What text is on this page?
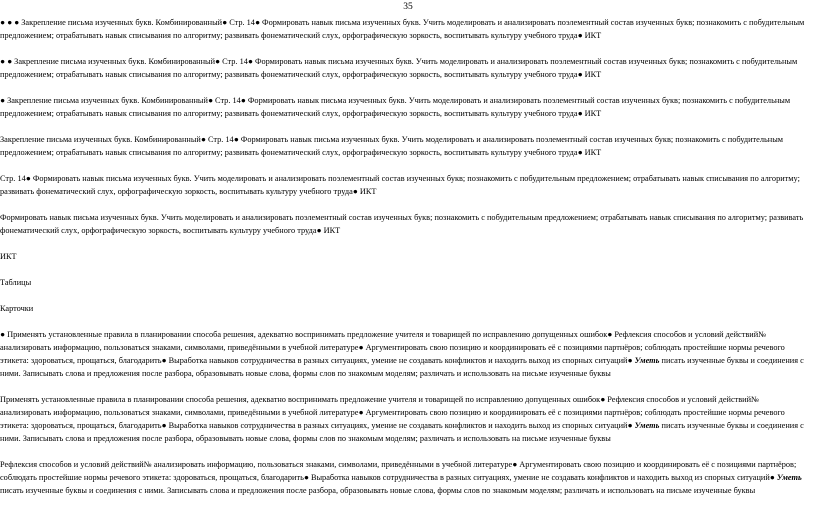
35

● ● ● Закрепление письма изученных букв. Комбинированный● Стр. 14● Формировать навык письма изученных букв. Учить моделировать и анализировать поэлементный состав изученных букв; познакомить с побудительным предложением; отрабатывать навык списывания по алгоритму; развивать фонематический слух, орфографическую зоркость, воспитывать культуру учебного труда● ИКТ

● ● Закрепление письма изученных букв. Комбинированный● Стр. 14● Формировать навык письма изученных букв. Учить моделировать и анализировать поэлементный состав изученных букв; познакомить с побудительным предложением; отрабатывать навык списывания по алгоритму; развивать фонематический слух, орфографическую зоркость, воспитывать культуру учебного труда● ИКТ

● Закрепление письма изученных букв. Комбинированный● Стр. 14● Формировать навык письма изученных букв. Учить моделировать и анализировать поэлементный состав изученных букв; познакомить с побудительным предложением; отрабатывать навык списывания по алгоритму; развивать фонематический слух, орфографическую зоркость, воспитывать культуру учебного труда● ИКТ

Закрепление письма изученных букв. Комбинированный● Стр. 14● Формировать навык письма изученных букв. Учить моделировать и анализировать поэлементный состав изученных букв; познакомить с побудительным предложением; отрабатывать навык списывания по алгоритму; развивать фонематический слух, орфографическую зоркость, воспитывать культуру учебного труда● ИКТ

Стр. 14● Формировать навык письма изученных букв. Учить моделировать и анализировать поэлементный состав изученных букв; познакомить с побудительным предложением; отрабатывать навык списывания по алгоритму; развивать фонематический слух, орфографическую зоркость, воспитывать культуру учебного труда● ИКТ

Формировать навык письма изученных букв. Учить моделировать и анализировать поэлементный состав изученных букв; познакомить с побудительным предложением; отрабатывать навык списывания по алгоритму; развивать фонематический слух, орфографическую зоркость, воспитывать культуру учебного труда● ИКТ

ИКТ

Таблицы

Карточки

● Применять установленные правила в планировании способа решения, адекватно воспринимать предложение учителя и товарищей по исправлению допущенных ошибок● Рефлексия способов и условий действий№ анализировать информацию, пользоваться знаками, символами, приведёнными в учебной литературе● Аргументировать свою позицию и координировать её с позициями партнёров; соблюдать простейшие нормы речевого этикета: здороваться, прощаться, благодарить● Выработка навыков сотрудничества в разных ситуациях, умение не создавать конфликтов и находить выход из спорных ситуаций● Уметь писать изученные буквы и соединения с ними. Записывать слова и предложения после разбора, образовывать новые слова, формы слов по знакомым моделям; различать и использовать на письме изученные буквы

Применять установленные правила в планировании способа решения, адекватно воспринимать предложение учителя и товарищей по исправлению допущенных ошибок● Рефлексия способов и условий действий№ анализировать информацию, пользоваться знаками, символами, приведёнными в учебной литературе● Аргументировать свою позицию и координировать её с позициями партнёров; соблюдать простейшие нормы речевого этикета: здороваться, прощаться, благодарить● Выработка навыков сотрудничества в разных ситуациях, умение не создавать конфликтов и находить выход из спорных ситуаций● Уметь писать изученные буквы и соединения с ними. Записывать слова и предложения после разбора, образовывать новые слова, формы слов по знакомым моделям; различать и использовать на письме изученные буквы

Рефлексия способов и условий действий№ анализировать информацию, пользоваться знаками, символами, приведёнными в учебной литературе● Аргументировать свою позицию и координировать её с позициями партнёров; соблюдать простейшие нормы речевого этикета: здороваться, прощаться, благодарить● Выработка навыков сотрудничества в разных ситуациях, умение не создавать конфликтов и находить выход из спорных ситуаций● Уметь писать изученные буквы и соединения с ними. Записывать слова и предложения после разбора, образовывать новые слова, формы слов по знакомым моделям; различать и использовать на письме изученные буквы
